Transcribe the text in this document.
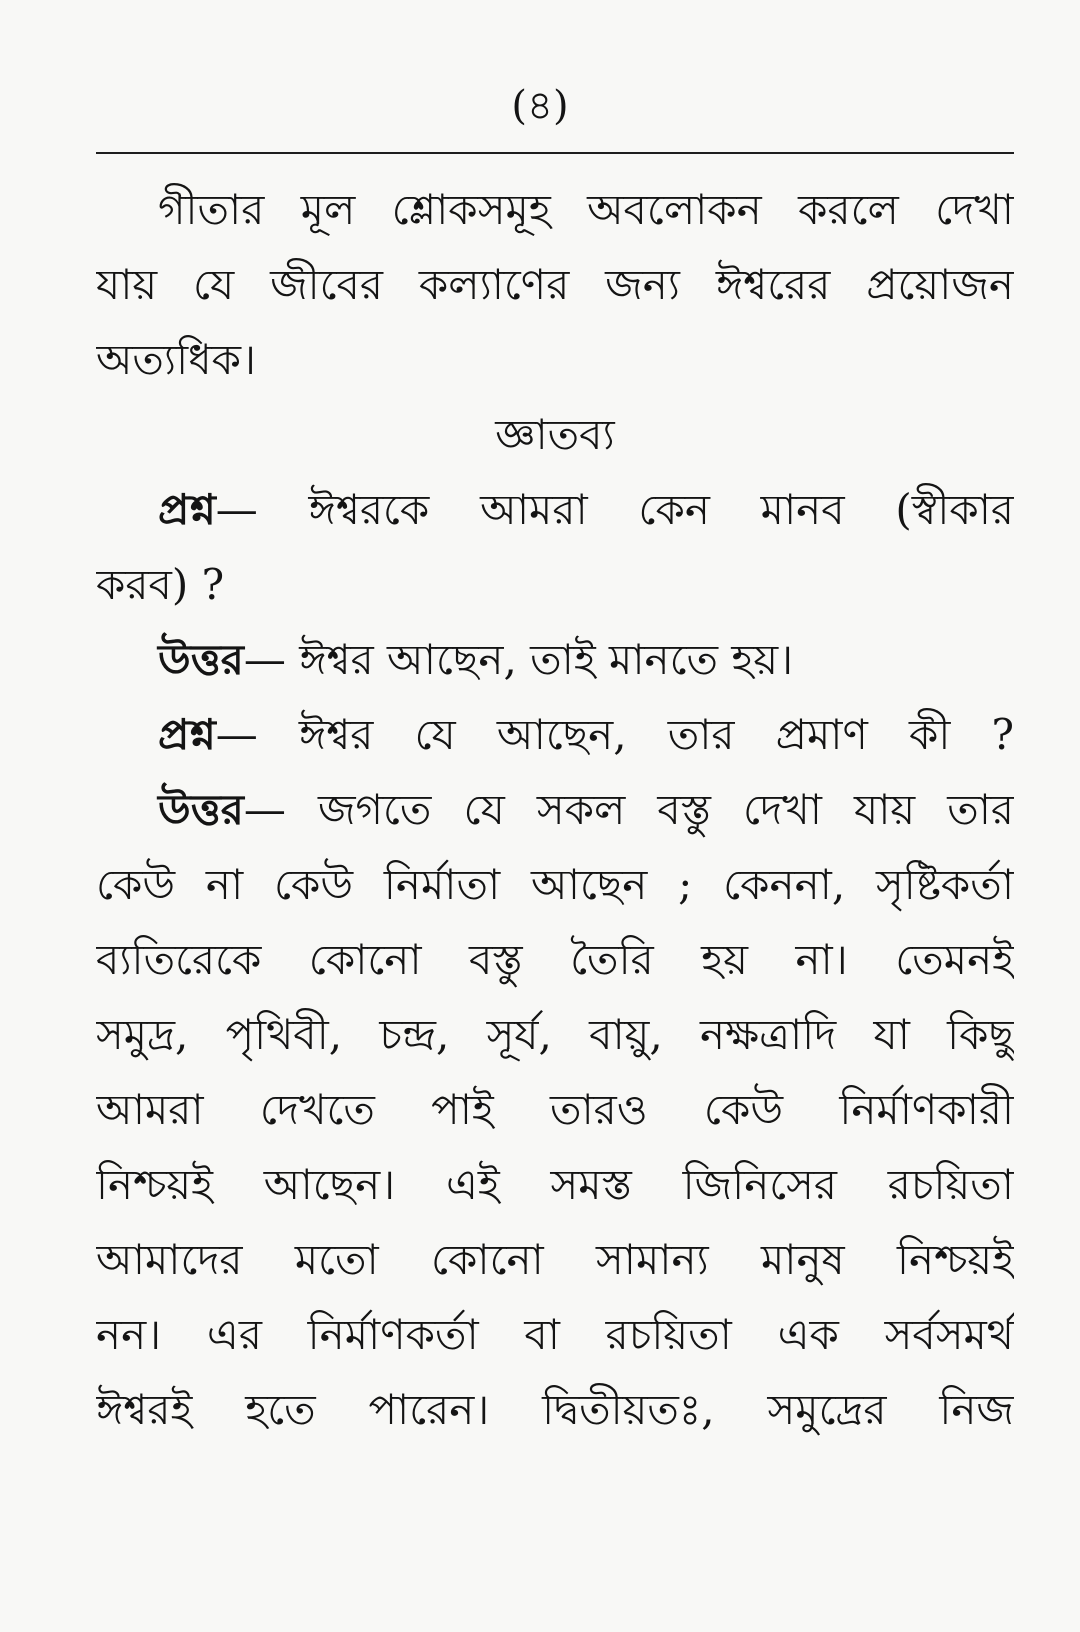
(৪)
গীতার মূল শ্লোকসমূহ অবলোকন করলে দেখা
যায় যে জীবের কল্যাণের জন্য ঈশ্বরের প্রয়োজন
অত্যধিক।
জ্ঞাতব্য
প্রশ্ন— ঈশ্বরকে আমরা কেন মানব (স্বীকার
করব) ?
উত্তর— ঈশ্বর আছেন, তাই মানতে হয়।
প্রশ্ন— ঈশ্বর যে আছেন, তার প্রমাণ কী ?
উত্তর— জগতে যে সকল বস্তু দেখা যায় তার
কেউ না কেউ নির্মাতা আছেন ; কেননা, সৃষ্টিকর্তা
ব্যতিরেকে কোনো বস্তু তৈরি হয় না। তেমনই
সমুদ্র, পৃথিবী, চন্দ্র, সূর্য, বায়ু, নক্ষত্রাদি যা কিছু
আমরা দেখতে পাই তারও কেউ নির্মাণকারী
নিশ্চয়ই আছেন। এই সমস্ত জিনিসের রচয়িতা
আমাদের মতো কোনো সামান্য মানুষ নিশ্চয়ই
নন। এর নির্মাণকর্তা বা রচয়িতা এক সর্বসমর্থ
ঈশ্বরই হতে পারেন। দ্বিতীয়তঃ, সমুদ্রের নিজ
